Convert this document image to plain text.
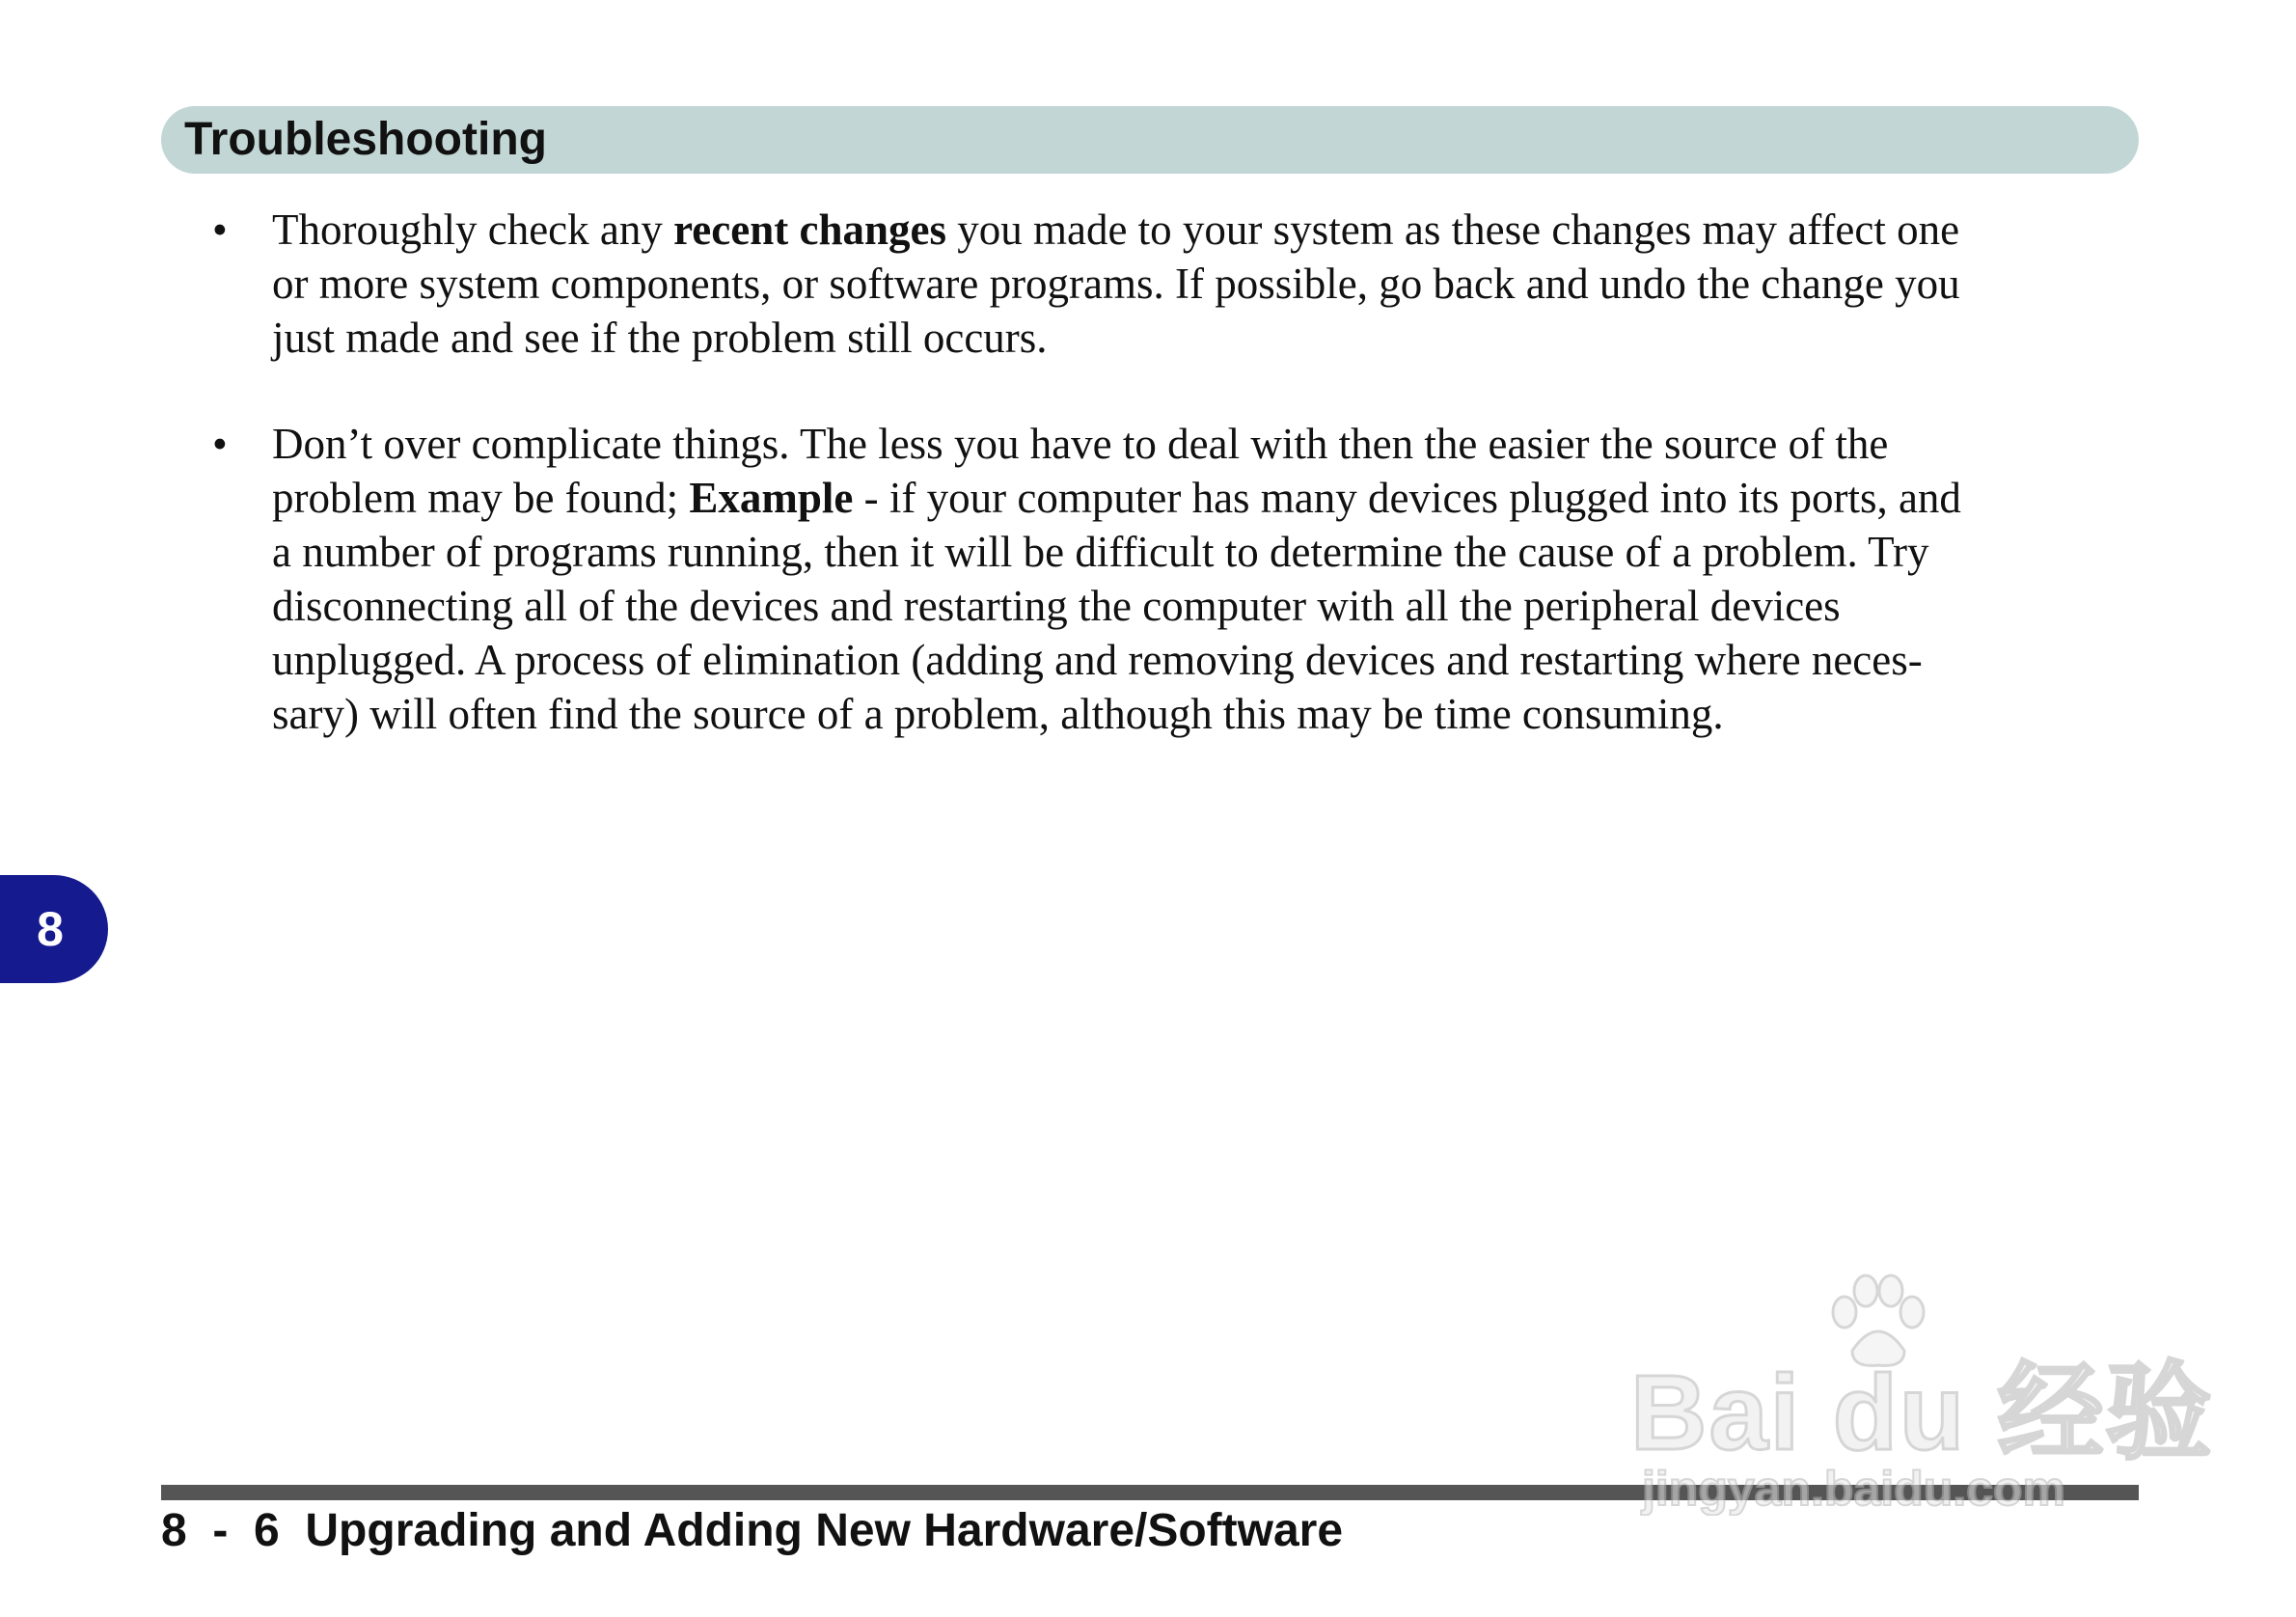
Troubleshooting
• Thoroughly check any recent changes you made to your system as these changes may affect one
or more system components, or software programs. If possible, go back and undo the change you
just made and see if the problem still occurs.
• Don’t over complicate things. The less you have to deal with then the easier the source of the
problem may be found; Example - if your computer has many devices plugged into its ports, and
a number of programs running, then it will be difficult to determine the cause of a problem. Try
disconnecting all of the devices and restarting the computer with all the peripheral devices
unplugged. A process of elimination (adding and removing devices and restarting where neces-
sary) will often find the source of a problem, although this may be time consuming.
8
8  -  6  Upgrading and Adding New Hardware/Software
Bai du 经验
jingyan.baidu.com
